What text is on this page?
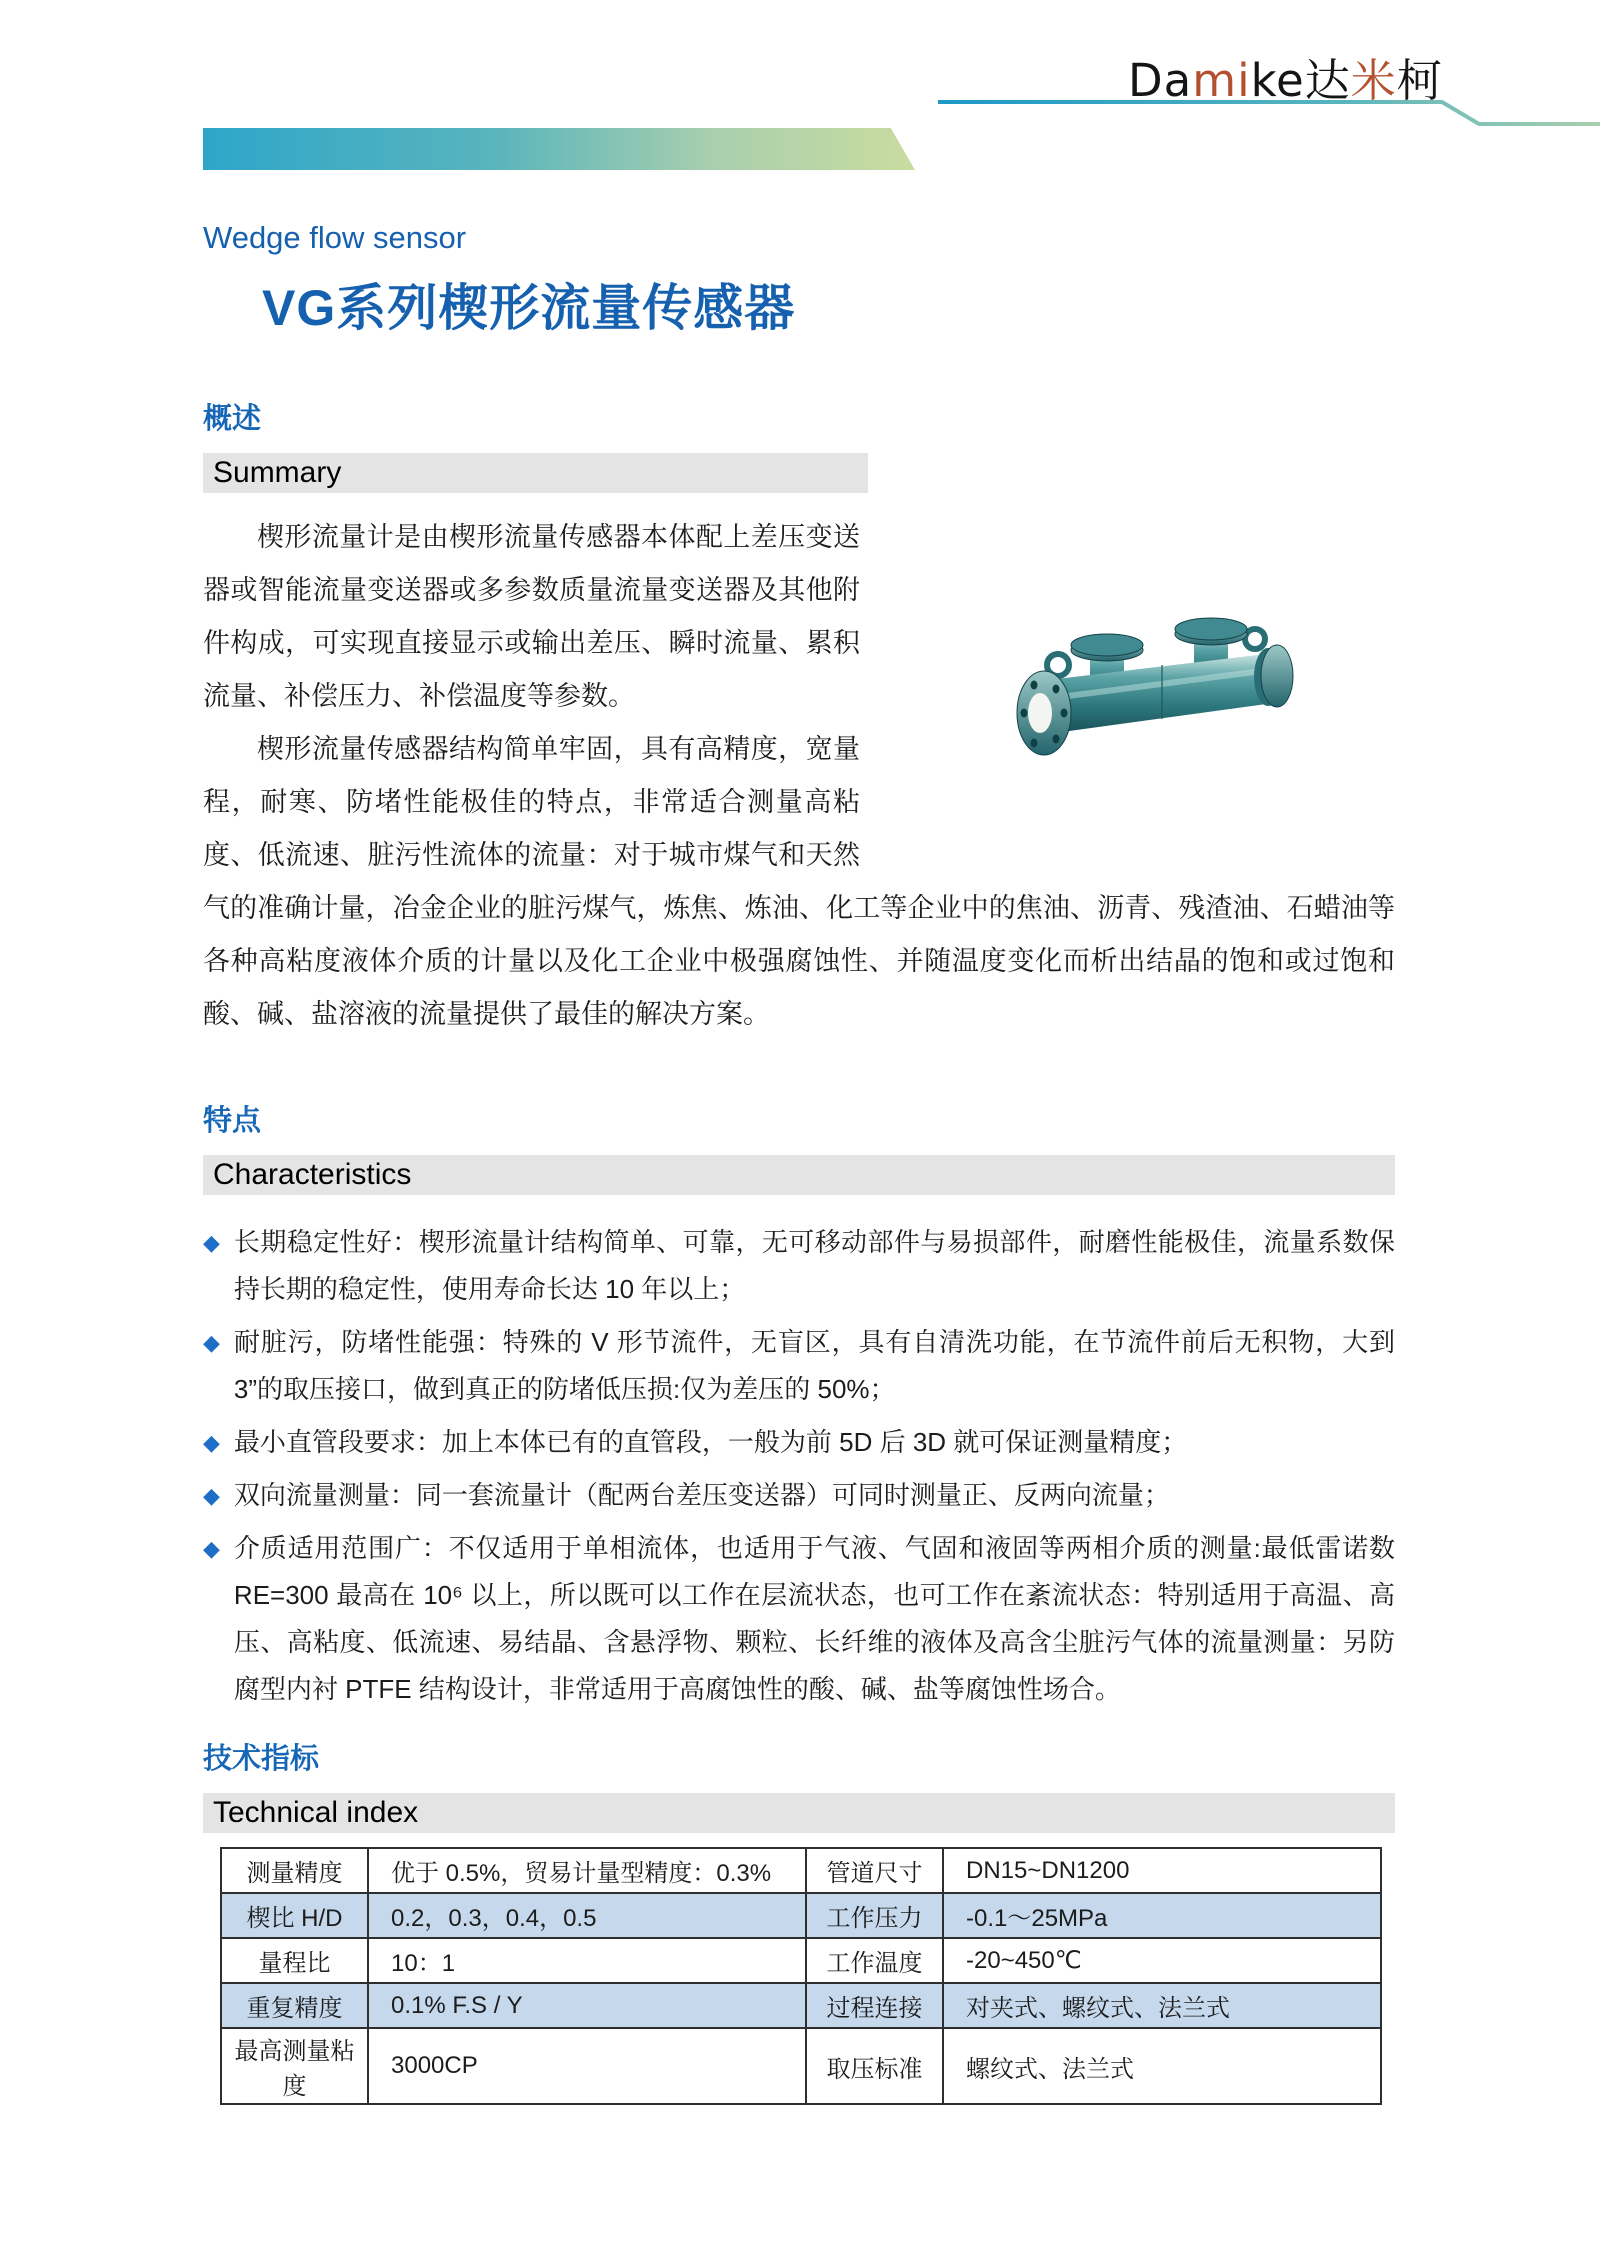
Damike达米柯
Wedge flow sensor
VG系列楔形流量传感器
概述
Summary

楔形流量计是由楔形流量传感器本体配上差压变送器或智能流量变送器或多参数质量流量变送器及其他附件构成，可实现直接显示或输出差压、瞬时流量、累积流量、补偿压力、补偿温度等参数。

楔形流量传感器结构简单牢固，具有高精度，宽量程，耐寒、防堵性能极佳的特点，非常适合测量高粘度、低流速、脏污性流体的流量：对于城市煤气和天然气的准确计量，冶金企业的脏污煤气，炼焦、炼油、化工等企业中的焦油、沥青、残渣油、石蜡油等各种高粘度液体介质的计量以及化工企业中极强腐蚀性、并随温度变化而析出结晶的饱和或过饱和酸、碱、盐溶液的流量提供了最佳的解决方案。

特点
Characteristics
◆ 长期稳定性好：楔形流量计结构简单、可靠，无可移动部件与易损部件，耐磨性能极佳，流量系数保持长期的稳定性，使用寿命长达 10 年以上；
◆ 耐脏污，防堵性能强：特殊的 V 形节流件，无盲区，具有自清洗功能，在节流件前后无积物，大到 3”的取压接口，做到真正的防堵低压损:仅为差压的 50%；
◆ 最小直管段要求：加上本体已有的直管段，一般为前 5D 后 3D 就可保证测量精度；
◆ 双向流量测量：同一套流量计（配两台差压变送器）可同时测量正、反两向流量；
◆ 介质适用范围广：不仅适用于单相流体，也适用于气液、气固和液固等两相介质的测量:最低雷诺数 RE=300 最高在 10⁶ 以上，所以既可以工作在层流状态，也可工作在紊流状态：特别适用于高温、高压、高粘度、低流速、易结晶、含悬浮物、颗粒、长纤维的液体及高含尘脏污气体的流量测量：另防腐型内衬 PTFE 结构设计，非常适用于高腐蚀性的酸、碱、盐等腐蚀性场合。
技术指标
Technical index
测量精度	优于 0.5%，贸易计量型精度：0.3%	管道尺寸	DN15~DN1200
楔比 H/D	0.2，0.3，0.4，0.5	工作压力	-0.1～25MPa
量程比	10：1	工作温度	-20~450℃
重复精度	0.1% F.S / Y	过程连接	对夹式、螺纹式、法兰式
最高测量粘度	3000CP	取压标准	螺纹式、法兰式
